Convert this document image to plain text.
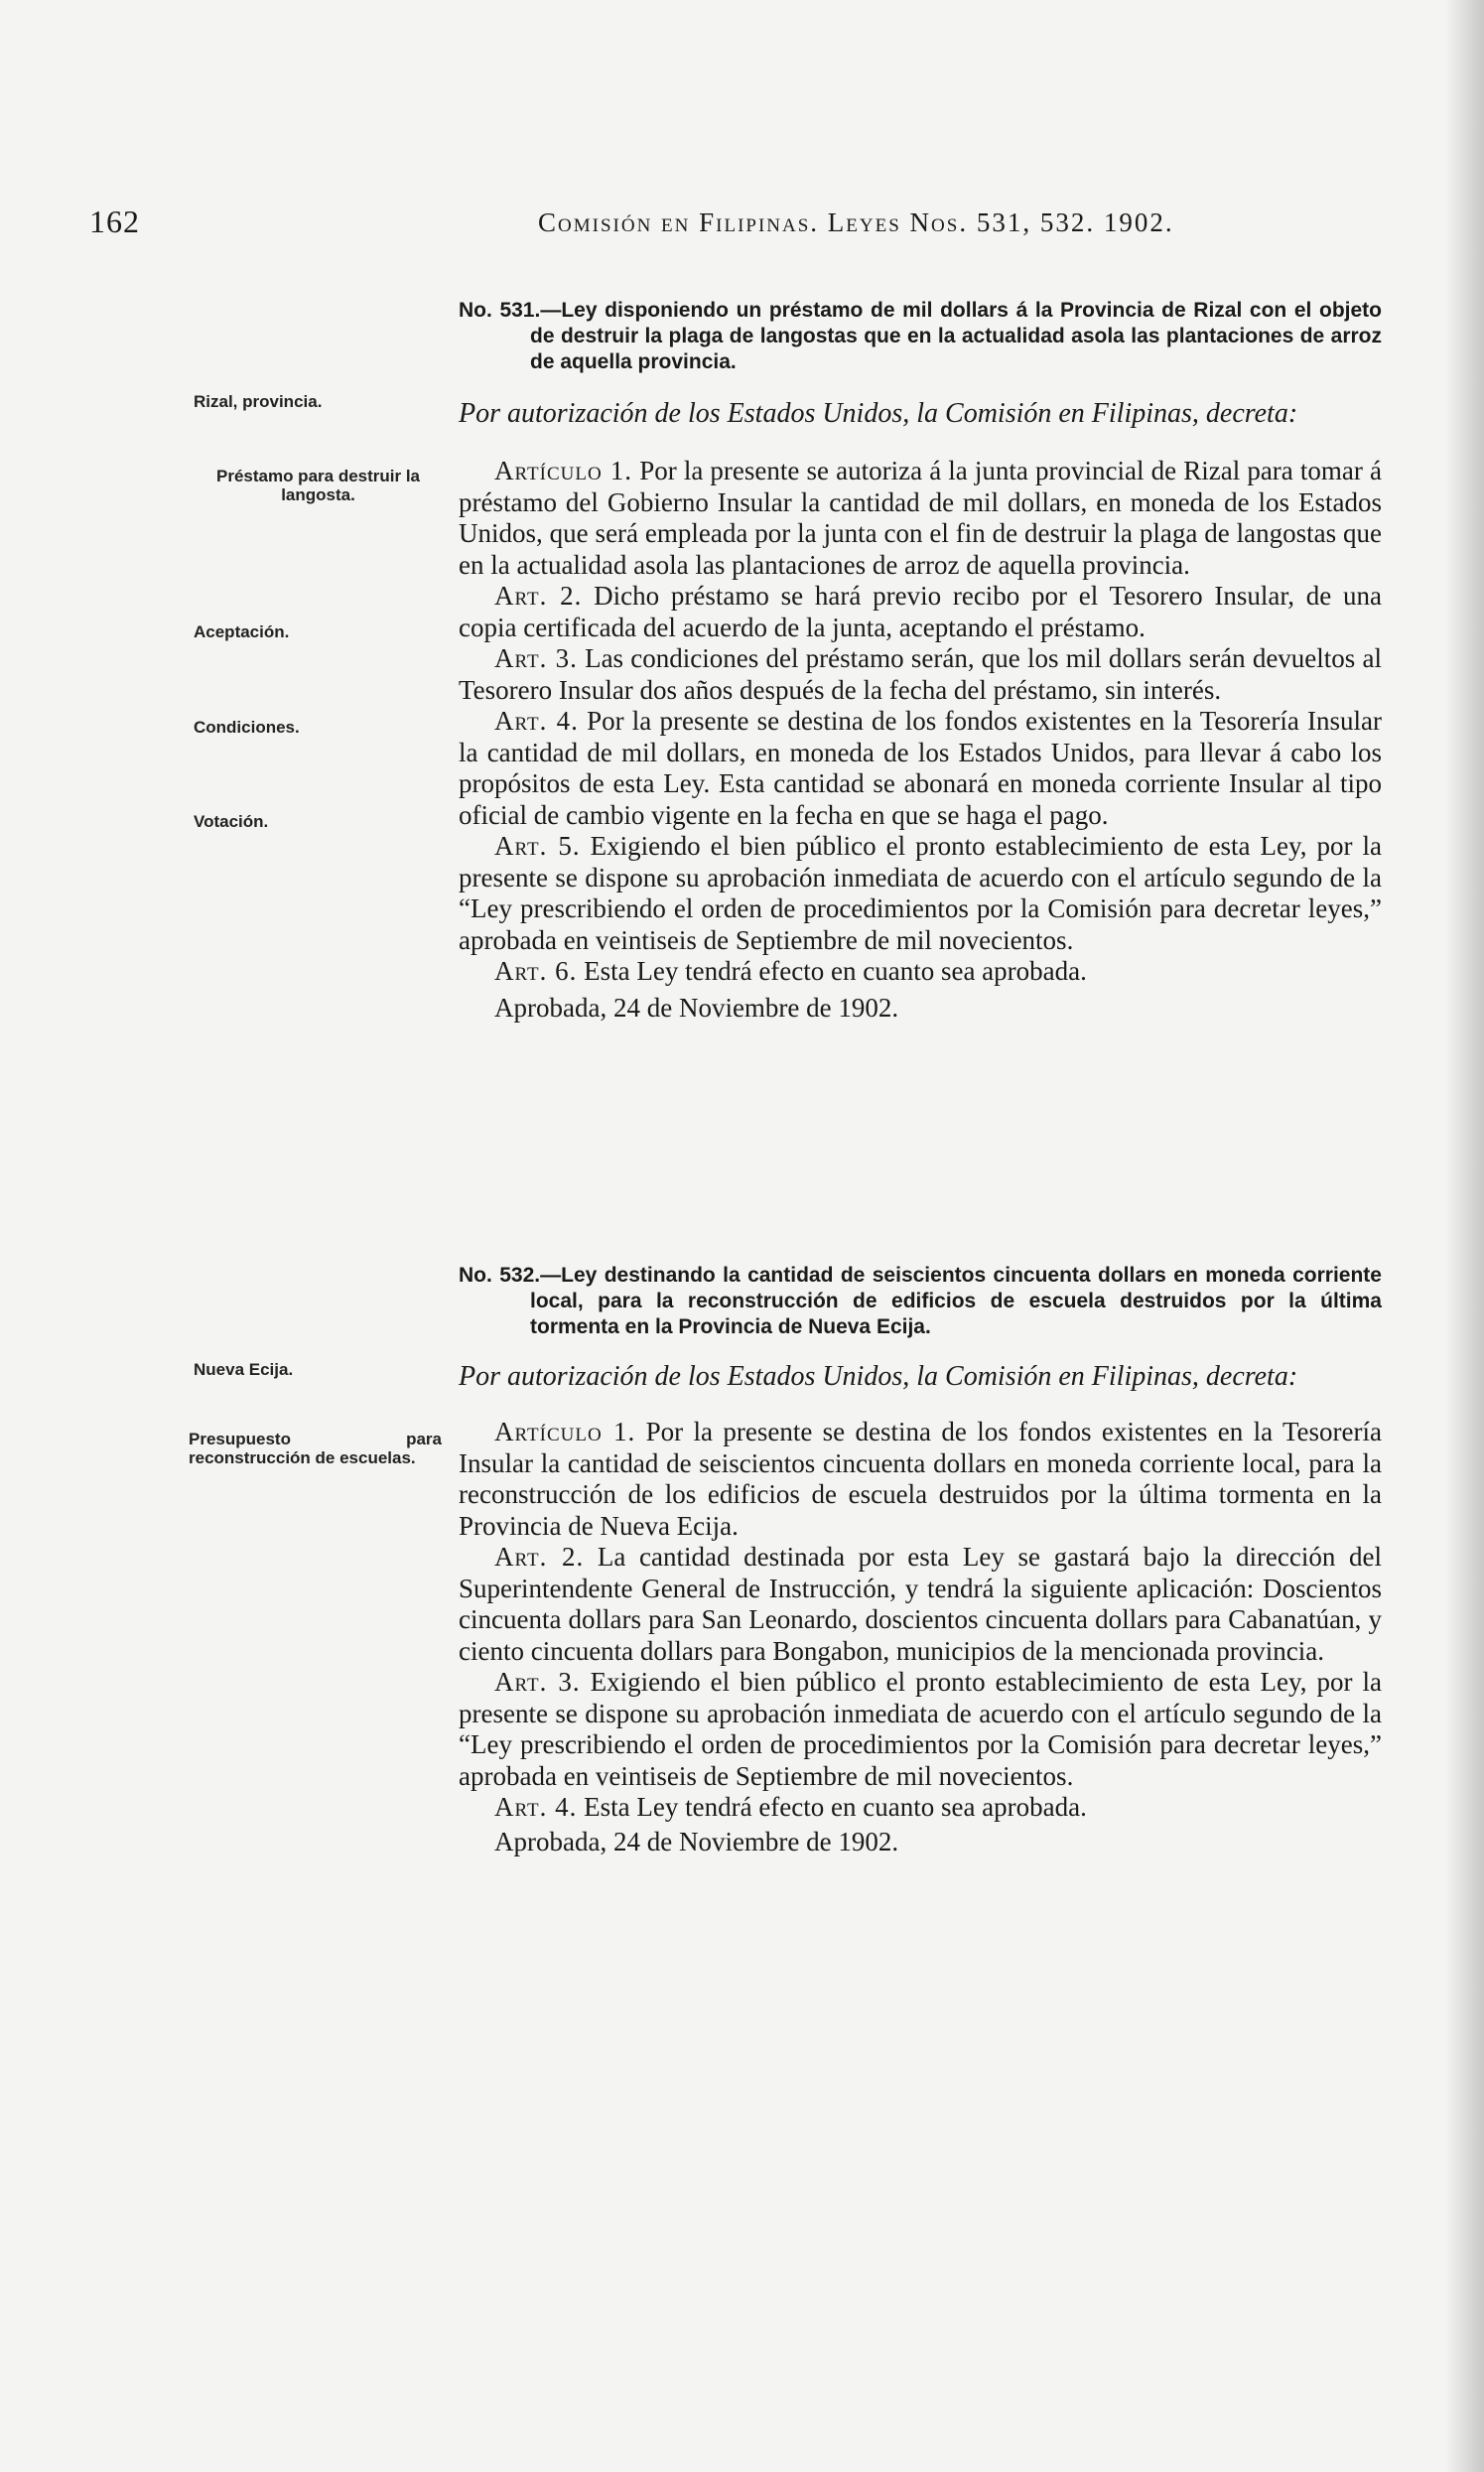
162	Comisión en Filipinas. Leyes Nos. 531, 532. 1902.
Rizal, provincia.
Préstamo para destruir la langosta.
Aceptación.
Condiciones.
Votación.
Nueva Ecija.
Presupuesto para reconstrucción de escuelas.
No. 531.—Ley disponiendo un préstamo de mil dollars á la Provincia de Rizal con el objeto de destruir la plaga de langostas que en la actualidad asola las plantaciones de arroz de aquella provincia.
Por autorización de los Estados Unidos, la Comisión en Filipinas, decreta:

Artículo 1. Por la presente se autoriza á la junta provincial de Rizal para tomar á préstamo del Gobierno Insular la cantidad de mil dollars, en moneda de los Estados Unidos, que será empleada por la junta con el fin de destruir la plaga de langostas que en la actualidad asola las plantaciones de arroz de aquella provincia.

Art. 2. Dicho préstamo se hará previo recibo por el Tesorero Insular, de una copia certificada del acuerdo de la junta, aceptando el préstamo.

Art. 3. Las condiciones del préstamo serán, que los mil dollars serán devueltos al Tesorero Insular dos años después de la fecha del préstamo, sin interés.

Art. 4. Por la presente se destina de los fondos existentes en la Tesorería Insular la cantidad de mil dollars, en moneda de los Estados Unidos, para llevar á cabo los propósitos de esta Ley. Esta cantidad se abonará en moneda corriente Insular al tipo oficial de cambio vigente en la fecha en que se haga el pago.

Art. 5. Exigiendo el bien público el pronto establecimiento de esta Ley, por la presente se dispone su aprobación inmediata de acuerdo con el artículo segundo de la “Ley prescribiendo el orden de procedimientos por la Comisión para decretar leyes,” aprobada en veintiseis de Septiembre de mil novecientos.

Art. 6. Esta Ley tendrá efecto en cuanto sea aprobada.

Aprobada, 24 de Noviembre de 1902.
No. 532.—Ley destinando la cantidad de seiscientos cincuenta dollars en moneda corriente local, para la reconstrucción de edificios de escuela destruidos por la última tormenta en la Provincia de Nueva Ecija.
Por autorización de los Estados Unidos, la Comisión en Filipinas, decreta:

Artículo 1. Por la presente se destina de los fondos existentes en la Tesorería Insular la cantidad de seiscientos cincuenta dollars en moneda corriente local, para la reconstrucción de los edificios de escuela destruidos por la última tormenta en la Provincia de Nueva Ecija.

Art. 2. La cantidad destinada por esta Ley se gastará bajo la dirección del Superintendente General de Instrucción, y tendrá la siguiente aplicación: Doscientos cincuenta dollars para San Leonardo, doscientos cincuenta dollars para Cabanatúan, y ciento cincuenta dollars para Bongabon, municipios de la mencionada provincia.

Art. 3. Exigiendo el bien público el pronto establecimiento de esta Ley, por la presente se dispone su aprobación inmediata de acuerdo con el artículo segundo de la “Ley prescribiendo el orden de procedimientos por la Comisión para decretar leyes,” aprobada en veintiseis de Septiembre de mil novecientos.

Art. 4. Esta Ley tendrá efecto en cuanto sea aprobada.

Aprobada, 24 de Noviembre de 1902.
